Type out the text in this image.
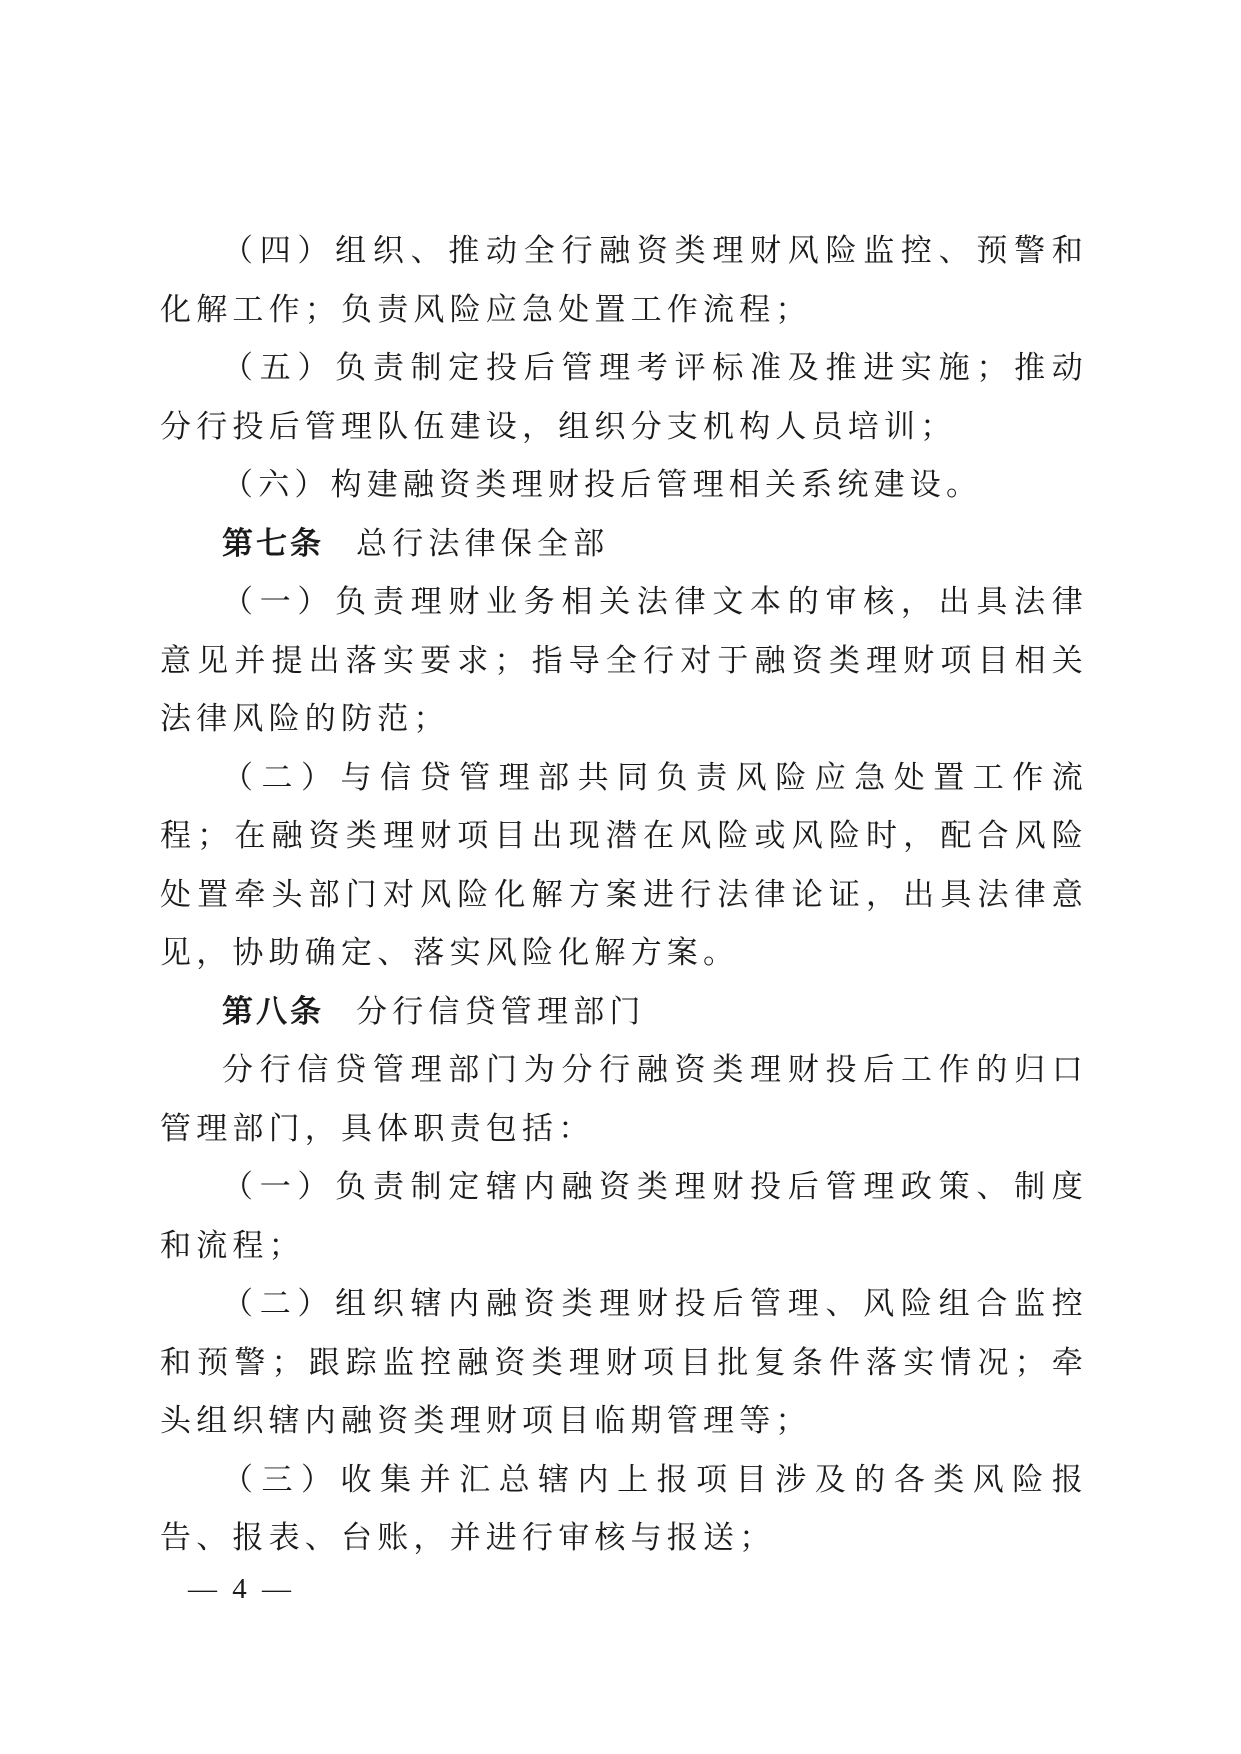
（四）组织、推动全行融资类理财风险监控、预警和化解工作；负责风险应急处置工作流程；

（五）负责制定投后管理考评标准及推进实施；推动分行投后管理队伍建设，组织分支机构人员培训；

（六）构建融资类理财投后管理相关系统建设。

第七条 总行法律保全部

（一）负责理财业务相关法律文本的审核，出具法律意见并提出落实要求；指导全行对于融资类理财项目相关法律风险的防范；

（二）与信贷管理部共同负责风险应急处置工作流程；在融资类理财项目出现潜在风险或风险时，配合风险处置牵头部门对风险化解方案进行法律论证，出具法律意见，协助确定、落实风险化解方案。

第八条 分行信贷管理部门

分行信贷管理部门为分行融资类理财投后工作的归口管理部门，具体职责包括：

（一）负责制定辖内融资类理财投后管理政策、制度和流程；

（二）组织辖内融资类理财投后管理、风险组合监控和预警；跟踪监控融资类理财项目批复条件落实情况；牵头组织辖内融资类理财项目临期管理等；

（三）收集并汇总辖内上报项目涉及的各类风险报告、报表、台账，并进行审核与报送；

— 4 —
